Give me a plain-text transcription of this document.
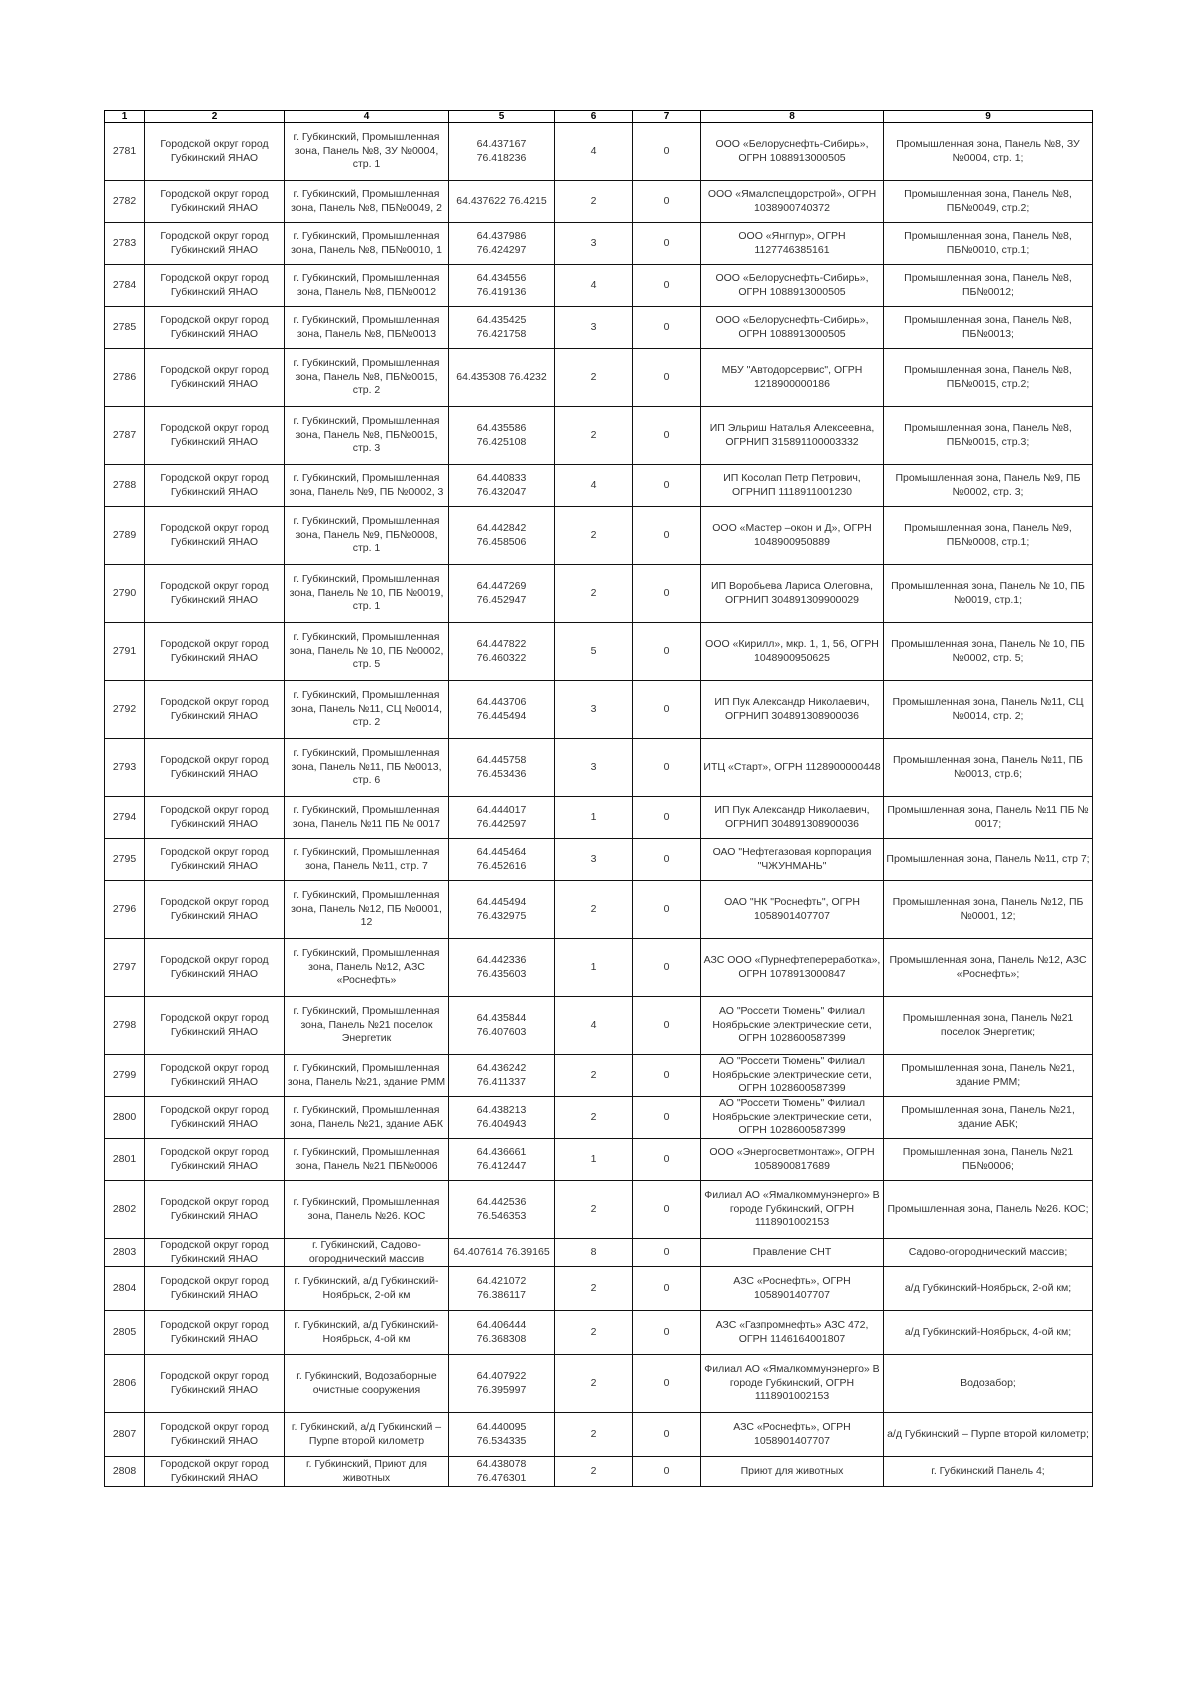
1	2	4	5	6	7	8	9
2781	Городской округ город Губкинский ЯНАО	г. Губкинский, Промышленная зона, Панель №8, ЗУ №0004, стр. 1	64.437167 76.418236	4	0	ООО «Белоруснефть-Сибирь», ОГРН 1088913000505	Промышленная зона, Панель №8, ЗУ №0004, стр. 1;
2782	Городской округ город Губкинский ЯНАО	г. Губкинский, Промышленная зона, Панель №8, ПБ№0049, 2	64.437622 76.4215	2	0	ООО «Ямалспецдорстрой», ОГРН 1038900740372	Промышленная зона, Панель №8, ПБ№0049, стр.2;
2783	Городской округ город Губкинский ЯНАО	г. Губкинский, Промышленная зона, Панель №8, ПБ№0010, 1	64.437986 76.424297	3	0	ООО «Янгпур», ОГРН 1127746385161	Промышленная зона, Панель №8, ПБ№0010, стр.1;
2784	Городской округ город Губкинский ЯНАО	г. Губкинский, Промышленная зона, Панель №8, ПБ№0012	64.434556 76.419136	4	0	ООО «Белоруснефть-Сибирь», ОГРН 1088913000505	Промышленная зона, Панель №8, ПБ№0012;
2785	Городской округ город Губкинский ЯНАО	г. Губкинский, Промышленная зона, Панель №8, ПБ№0013	64.435425 76.421758	3	0	ООО «Белоруснефть-Сибирь», ОГРН 1088913000505	Промышленная зона, Панель №8, ПБ№0013;
2786	Городской округ город Губкинский ЯНАО	г. Губкинский, Промышленная зона, Панель №8, ПБ№0015, стр. 2	64.435308 76.4232	2	0	МБУ "Автодорсервис", ОГРН 1218900000186	Промышленная зона, Панель №8, ПБ№0015, стр.2;
2787	Городской округ город Губкинский ЯНАО	г. Губкинский, Промышленная зона, Панель №8, ПБ№0015, стр. 3	64.435586 76.425108	2	0	ИП Эльриш Наталья Алексеевна, ОГРНИП 315891100003332	Промышленная зона, Панель №8, ПБ№0015, стр.3;
2788	Городской округ город Губкинский ЯНАО	г. Губкинский, Промышленная зона, Панель №9, ПБ №0002, 3	64.440833 76.432047	4	0	ИП Косолап Петр Петрович, ОГРНИП 1118911001230	Промышленная зона, Панель №9, ПБ №0002, стр. 3;
2789	Городской округ город Губкинский ЯНАО	г. Губкинский, Промышленная зона, Панель №9, ПБ№0008, стр. 1	64.442842 76.458506	2	0	ООО «Мастер –окон и Д», ОГРН 1048900950889	Промышленная зона, Панель №9, ПБ№0008, стр.1;
2790	Городской округ город Губкинский ЯНАО	г. Губкинский, Промышленная зона, Панель № 10, ПБ №0019, стр. 1	64.447269 76.452947	2	0	ИП Воробьева Лариса Олеговна, ОГРНИП 304891309900029	Промышленная зона, Панель № 10, ПБ №0019, стр.1;
2791	Городской округ город Губкинский ЯНАО	г. Губкинский, Промышленная зона, Панель № 10, ПБ №0002, стр. 5	64.447822 76.460322	5	0	ООО «Кирилл», мкр. 1, 1, 56, ОГРН 1048900950625	Промышленная зона, Панель № 10, ПБ №0002, стр. 5;
2792	Городской округ город Губкинский ЯНАО	г. Губкинский, Промышленная зона, Панель №11, СЦ №0014, стр. 2	64.443706 76.445494	3	0	ИП Пук Александр Николаевич, ОГРНИП 304891308900036	Промышленная зона, Панель №11, СЦ №0014, стр. 2;
2793	Городской округ город Губкинский ЯНАО	г. Губкинский, Промышленная зона, Панель №11, ПБ №0013, стр. 6	64.445758 76.453436	3	0	ИТЦ «Старт», ОГРН 1128900000448	Промышленная зона, Панель №11, ПБ №0013, стр.6;
2794	Городской округ город Губкинский ЯНАО	г. Губкинский, Промышленная зона, Панель №11 ПБ № 0017	64.444017 76.442597	1	0	ИП Пук Александр Николаевич, ОГРНИП 304891308900036	Промышленная зона, Панель №11 ПБ № 0017;
2795	Городской округ город Губкинский ЯНАО	г. Губкинский, Промышленная зона, Панель №11, стр. 7	64.445464 76.452616	3	0	ОАО "Нефтегазовая корпорация "ЧЖУНМАНЬ"	Промышленная зона, Панель №11, стр 7;
2796	Городской округ город Губкинский ЯНАО	г. Губкинский, Промышленная зона, Панель №12, ПБ №0001, 12	64.445494 76.432975	2	0	ОАО "НК "Роснефть", ОГРН 1058901407707	Промышленная зона, Панель №12, ПБ №0001, 12;
2797	Городской округ город Губкинский ЯНАО	г. Губкинский, Промышленная зона, Панель №12, АЗС «Роснефть»	64.442336 76.435603	1	0	АЗС ООО «Пурнефтепереработка», ОГРН 1078913000847	Промышленная зона, Панель №12, АЗС «Роснефть»;
2798	Городской округ город Губкинский ЯНАО	г. Губкинский, Промышленная зона, Панель №21 поселок Энергетик	64.435844 76.407603	4	0	АО "Россети Тюмень" Филиал Ноябрьские электрические сети, ОГРН 1028600587399	Промышленная зона, Панель №21 поселок Энергетик;
2799	Городской округ город Губкинский ЯНАО	г. Губкинский, Промышленная зона, Панель №21, здание РММ	64.436242 76.411337	2	0	АО "Россети Тюмень" Филиал Ноябрьские электрические сети, ОГРН 1028600587399	Промышленная зона, Панель №21, здание РММ;
2800	Городской округ город Губкинский ЯНАО	г. Губкинский, Промышленная зона, Панель №21, здание АБК	64.438213 76.404943	2	0	АО "Россети Тюмень" Филиал Ноябрьские электрические сети, ОГРН 1028600587399	Промышленная зона, Панель №21, здание АБК;
2801	Городской округ город Губкинский ЯНАО	г. Губкинский, Промышленная зона, Панель №21 ПБ№0006	64.436661 76.412447	1	0	ООО «Энергосветмонтаж», ОГРН 1058900817689	Промышленная зона, Панель №21 ПБ№0006;
2802	Городской округ город Губкинский ЯНАО	г. Губкинский, Промышленная зона, Панель №26. КОС	64.442536 76.546353	2	0	Филиал АО «Ямалкоммунэнерго» В городе Губкинский, ОГРН 1118901002153	Промышленная зона, Панель №26. КОС;
2803	Городской округ город Губкинский ЯНАО	г. Губкинский, Садово-огороднический массив	64.407614 76.39165	8	0	Правление СНТ	Садово-огороднический массив;
2804	Городской округ город Губкинский ЯНАО	г. Губкинский, а/д Губкинский-Ноябрьск, 2-ой км	64.421072 76.386117	2	0	АЗС «Роснефть», ОГРН 1058901407707	а/д Губкинский-Ноябрьск, 2-ой км;
2805	Городской округ город Губкинский ЯНАО	г. Губкинский, а/д Губкинский-Ноябрьск, 4-ой км	64.406444 76.368308	2	0	АЗС «Газпромнефть» АЗС 472, ОГРН 1146164001807	а/д Губкинский-Ноябрьск, 4-ой км;
2806	Городской округ город Губкинский ЯНАО	г. Губкинский, Водозаборные очистные сооружения	64.407922 76.395997	2	0	Филиал АО «Ямалкоммунэнерго» В городе Губкинский, ОГРН 1118901002153	Водозабор;
2807	Городской округ город Губкинский ЯНАО	г. Губкинский, а/д Губкинский – Пурпе второй километр	64.440095 76.534335	2	0	АЗС «Роснефть», ОГРН 1058901407707	а/д Губкинский – Пурпе второй километр;
2808	Городской округ город Губкинский ЯНАО	г. Губкинский, Приют для животных	64.438078 76.476301	2	0	Приют для животных	г. Губкинский Панель 4;
